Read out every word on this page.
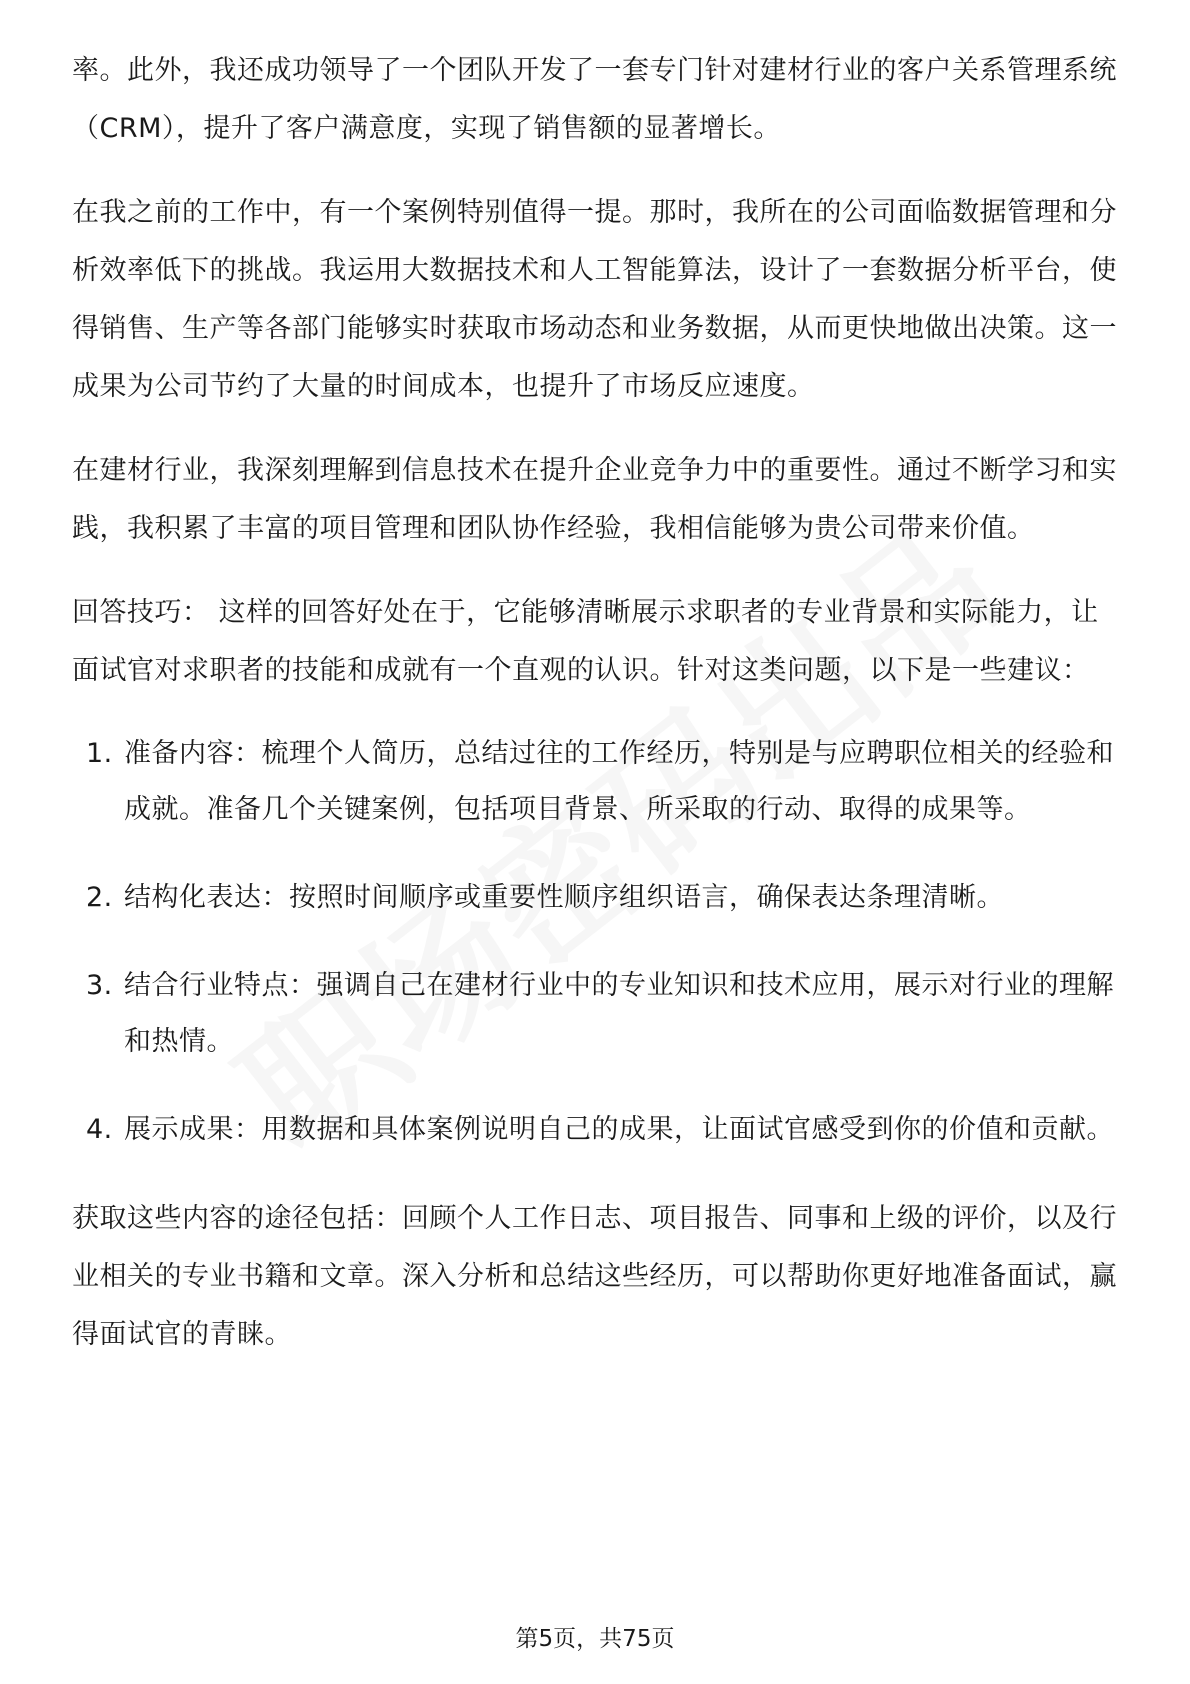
率。此外，我还成功领导了一个团队开发了一套专门针对建材行业的客户关系管理系统（CRM），提升了客户满意度，实现了销售额的显著增长。

在我之前的工作中，有一个案例特别值得一提。那时，我所在的公司面临数据管理和分析效率低下的挑战。我运用大数据技术和人工智能算法，设计了一套数据分析平台，使得销售、生产等各部门能够实时获取市场动态和业务数据，从而更快地做出决策。这一成果为公司节约了大量的时间成本，也提升了市场反应速度。

在建材行业，我深刻理解到信息技术在提升企业竞争力中的重要性。通过不断学习和实践，我积累了丰富的项目管理和团队协作经验，我相信能够为贵公司带来价值。

回答技巧： 这样的回答好处在于，它能够清晰展示求职者的专业背景和实际能力，让面试官对求职者的技能和成就有一个直观的认识。针对这类问题，以下是一些建议：

1. 准备内容：梳理个人简历，总结过往的工作经历，特别是与应聘职位相关的经验和成就。准备几个关键案例，包括项目背景、所采取的行动、取得的成果等。
2. 结构化表达：按照时间顺序或重要性顺序组织语言，确保表达条理清晰。
3. 结合行业特点：强调自己在建材行业中的专业知识和技术应用，展示对行业的理解和热情。
4. 展示成果：用数据和具体案例说明自己的成果，让面试官感受到你的价值和贡献。

获取这些内容的途径包括：回顾个人工作日志、项目报告、同事和上级的评价，以及行业相关的专业书籍和文章。深入分析和总结这些经历，可以帮助你更好地准备面试，赢得面试官的青睐。

第5页，共75页
